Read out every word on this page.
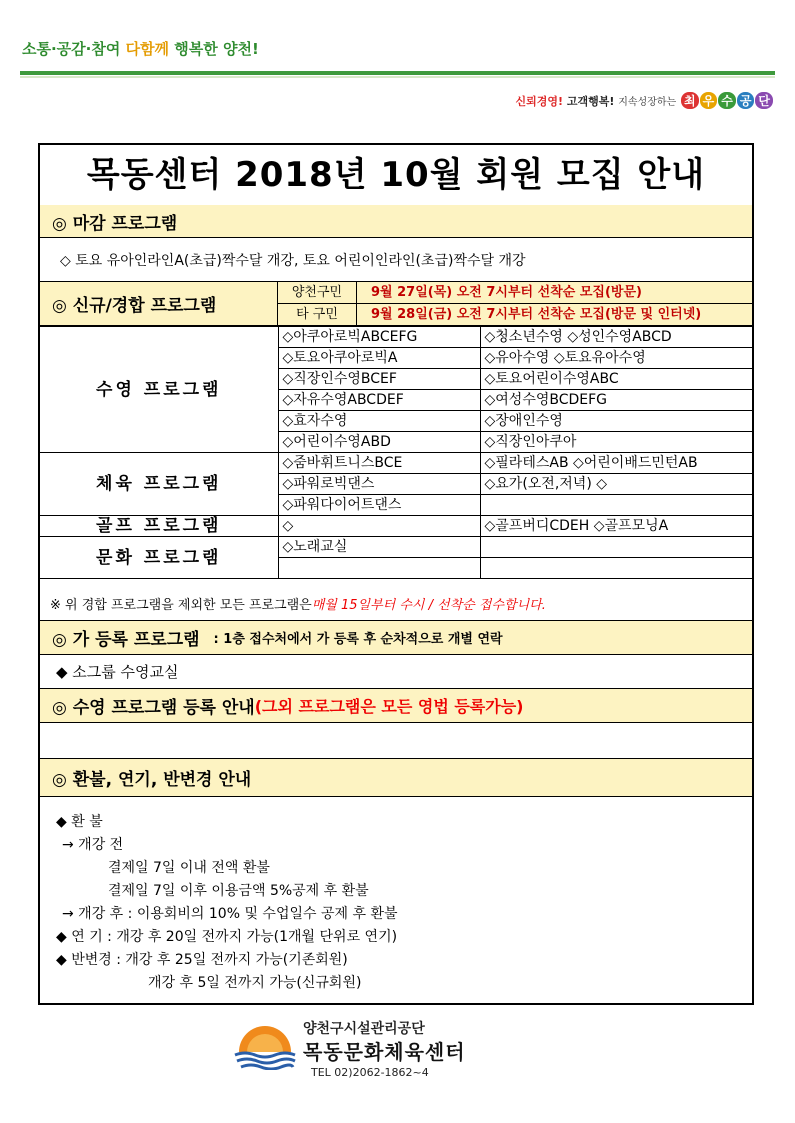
소통·공감·참여 다함께 행복한 양천!
신뢰경영! 고객행복! 지속성장하는 최 우 수 공 단
목동센터 2018년 10월 회원 모집 안내
◎ 마감 프로그램
◇ 토요 유아인라인A(초급)짝수달 개강, 토요 어린이인라인(초급)짝수달 개강
◎ 신규/경합 프로그램
양천구민	9월 27일(목) 오전 7시부터 선착순 모집(방문)
타 구민	9월 28일(금) 오전 7시부터 선착순 모집(방문 및 인터넷)
수영 프로그램	◇아쿠아로빅ABCEFG	◇청소년수영 ◇성인수영ABCD
	◇토요아쿠아로빅A	◇유아수영 ◇토요유아수영
	◇직장인수영BCEF	◇토요어린이수영ABC
	◇자유수영ABCDEF	◇여성수영BCDEFG
	◇효자수영	◇장애인수영
	◇어린이수영ABD	◇직장인아쿠아
체육 프로그램	◇줌바휘트니스BCE	◇필라테스AB ◇어린이배드민턴AB
	◇파워로빅댄스	◇요가(오전,저녁) ◇
	◇파워다이어트댄스	
골프 프로그램	◇	◇골프버디CDEH ◇골프모닝A
문화 프로그램	◇노래교실	

※ 위 경합 프로그램을 제외한 모든 프로그램은 매월 15일부터 수시 / 선착순 접수합니다.
◎ 가 등록 프로그램 : 1층 접수처에서 가 등록 후 순차적으로 개별 연락
◆ 소그룹 수영교실
◎ 수영 프로그램 등록 안내 (그외 프로그램은 모든 영법 등록가능)
◎ 환불, 연기, 반변경 안내
◆ 환 불
→ 개강 전
결제일 7일 이내 전액 환불
결제일 7일 이후 이용금액 5%공제 후 환불
→ 개강 후 : 이용회비의 10% 및 수업일수 공제 후 환불
◆ 연 기 : 개강 후 20일 전까지 가능(1개월 단위로 연기)
◆ 반변경 : 개강 후 25일 전까지 가능(기존회원)
개강 후 5일 전까지 가능(신규회원)
양천구시설관리공단
목동문화체육센터
TEL 02)2062-1862~4
